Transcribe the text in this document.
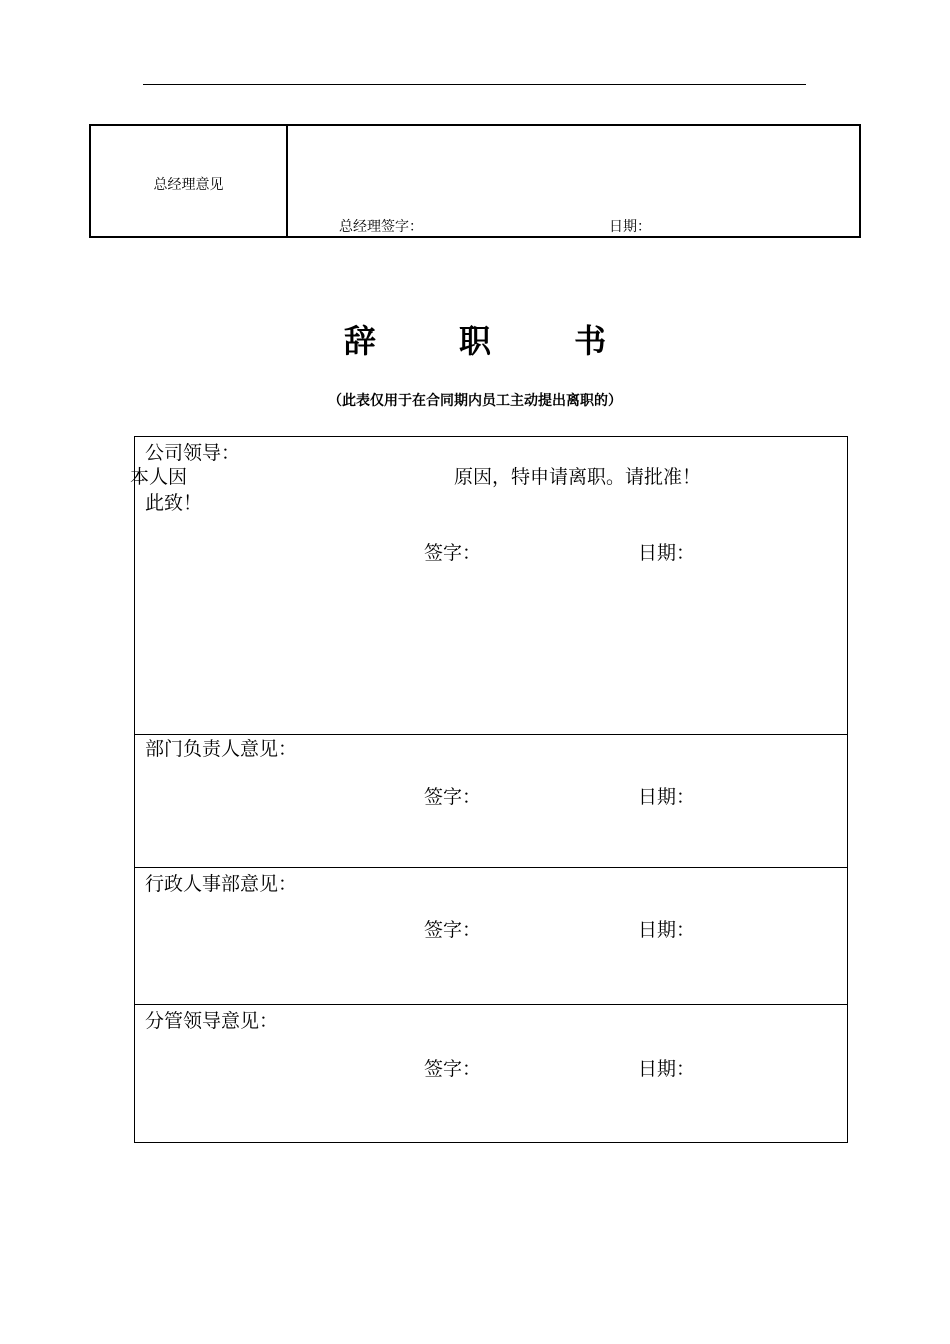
总经理意见
总经理签字：	日期：
辞 职 书
（此表仅用于在合同期内员工主动提出离职的）
公司领导：
本人因	原因，特申请离职。请批准！
此致！
签字：	日期：
部门负责人意见：
签字：	日期：
行政人事部意见：
签字：	日期：
分管领导意见：
签字：	日期：
